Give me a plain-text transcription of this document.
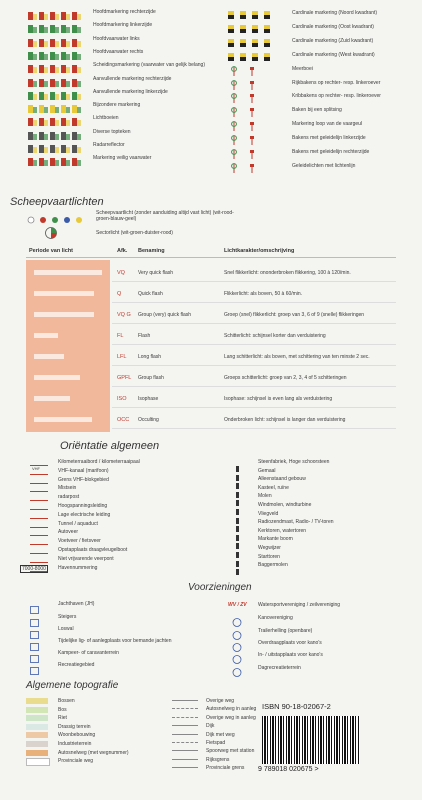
Hoofdmarkering rechterzijde
Hoofdmarkering linkerzijde
Hoofdvaarwater links
Hoofdvaarwater rechts
Scheidingsmarkering (vaarwater van gelijk belang)
Aanvullende markering rechterzijde
Aanvullende markering linkerzijde
Bijzondere markering
Lichtboeien
Diverse topteken
Radarreflector
Markering veilig vaarwater
Cardinale markering (Noord kwadrant)
Cardinale markering (Oost kwadrant)
Cardinale markering (Zuid kwadrant)
Cardinale markering (West kwadrant)
Meerboei
Rijkbakens op rechter- resp. linkeroever
Kribbakens op rechter- resp. linkeroever
Baken bij een splitsing
Markering loop van de vaargeul
Bakens met geleidelijn linkerzijde
Bakens met geleidelijn rechterzijde
Geleidelichten met lichtenlijn
Scheepvaartlichten
Scheepvaartlicht (zonder aanduiding altijd vast licht) (wit-rood-groen-blauw-geel)
Sectorlicht (wit-groen-duister-rood)
Periode van licht	Afk. Benaming	Lichtkarakter/omschrijving
VQ	Very quick flash	Snel flikkerlicht: ononderbroken flikkering, 100 à 120/min.
Q	Quick flash	Flikkerlicht: als boven, 50 à 60/min.
VQ G Group (very) quick flash	Groep (snel) flikkerlicht: groep van 3, 6 of 9 (snelle) flikkeringen
FL	Flash	Schitterlicht: schijnsel korter dan verduistering
LFL Long flash	Lang schitterlicht: als boven, met schittering van ten minste 2 sec.
GPFL Group flash	Groeps schitterlicht: groep van 2, 3, 4 of 5 schitteringen
ISO Isophase	Isophase: schijnsel is even lang als verduistering
OCC Occulting	Onderbroken licht: schijnsel is langer dan verduistering
Oriëntatie algemeen
Kilometerraaibord / kilometerraaipaal
VHF-kanaal (marifoon)
Grens VHF-blokgebied
Mistsein
radarpost
Hoogspanningsleiding
Lage electrische leiding
Tunnel / aquaduct
Autoveer
Voetveer / fietsveer
Opstapplaats draagvleugelboot
Niet vrijvarende veerpont
Havennummering
VHF
7000-8000
Steenfabriek, Hoge schoorsteen
Gemaal
Alleenstaand gebouw
Kasteel, ruïne
Molen
Windmolen, windturbine
Vliegveld
Radiozendmast, Radio- / TV-toren
Kerktoren, watertoren
Markante boom
Wegwijzer
Starttoren
Baggermolen
Voorzieningen
Jachthaven (JH)
Steigers
Loswal
Tijdelijke lig- of aanlegplaats voor bemande jachten
Kampeer- of caravanterrein
Recreatiegebied
WV / ZV Watersportvereniging / zeilvereniging
Kanovereniging
Trailerhelling (openbare)
Overdraagplaats voor kano's
In- / uitstapplaats voor kano's
Dagrecreatieterrein
Algemene topografie
Bossen
Bos
Riet
Drassig terrein
Woonbebouwing
Industrieterrein
Autosnelweg (met wegnummer)
Provinciale weg
Overige weg
Autosnelweg in aanleg
Overige weg in aanleg
Dijk
Dijk met weg
Fietspad
Spoorweg met station
Rijksgrens
Provinciale grens
ISBN 90-18-02067-2
9 789018 020675 >
